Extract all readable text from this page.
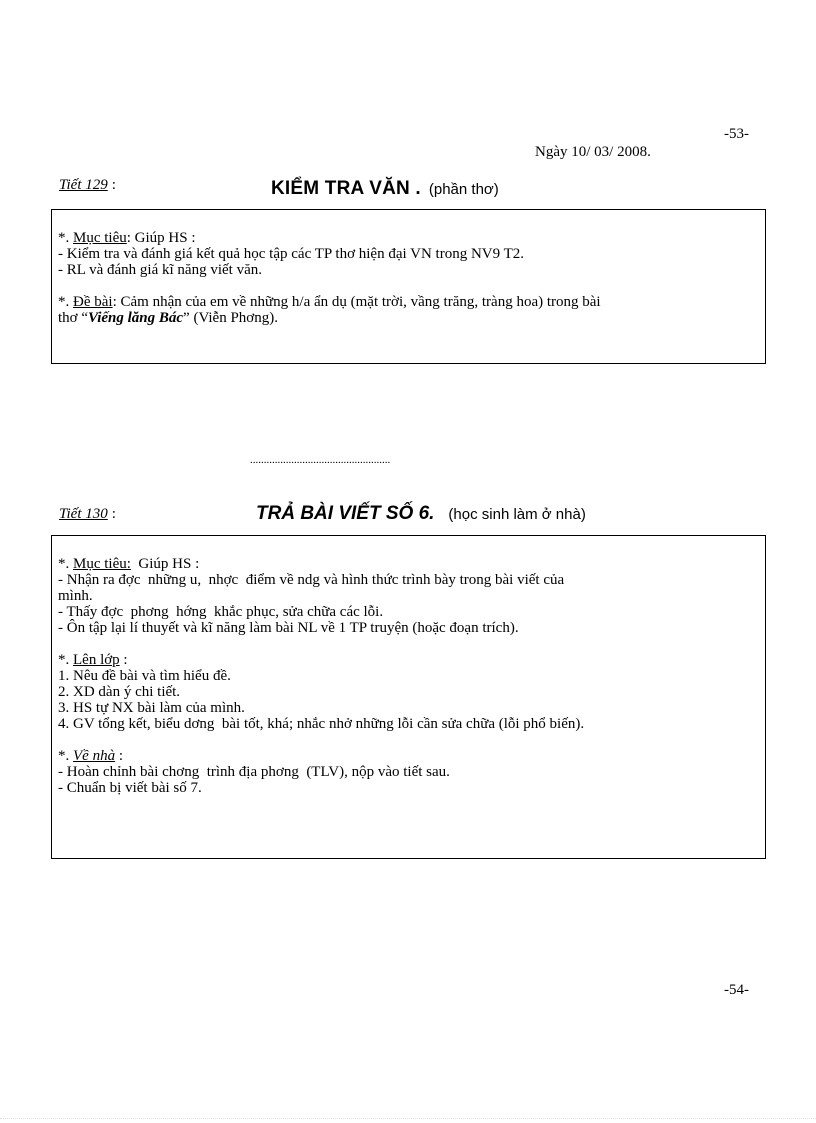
-53-
Ngày 10/ 03/ 2008.
Tiết 129 :	KIỂM TRA VĂN . (phần thơ)

*. Mục tiêu: Giúp HS :

- Kiểm tra và đánh giá kết quả học tập các TP thơ hiện đại VN trong NV9 T2.

- RL và đánh giá kĩ năng viết văn.

*. Đề bài: Cảm nhận của em về những h/a ẩn dụ (mặt trời, vầng trăng, tràng hoa) trong bài

thơ “Viếng lăng Bác” (Viễn Phơng).

...................................................
Tiết 130 :	TRẢ BÀI VIẾT SỐ 6. (học sinh làm ở nhà)

*. Mục tiêu:  Giúp HS :

- Nhận ra đợc  những u,  nhợc  điểm về ndg và hình thức trình bày trong bài viết của

mình.

- Thấy đợc  phơng  hớng  khắc phục, sửa chữa các lỗi.

- Ôn tập lại lí thuyết và kĩ năng làm bài NL về 1 TP truyện (hoặc đoạn trích).

*. Lên lớp :

1. Nêu đề bài và tìm hiểu đề.

2. XD dàn ý chi tiết.

3. HS tự NX bài làm của mình.

4. GV tổng kết, biểu dơng  bài tốt, khá; nhắc nhở những lỗi cần sửa chữa (lỗi phổ biến).

*. Về nhà :

- Hoàn chỉnh bài chơng  trình địa phơng  (TLV), nộp vào tiết sau.

- Chuẩn bị viết bài số 7.

-54-
